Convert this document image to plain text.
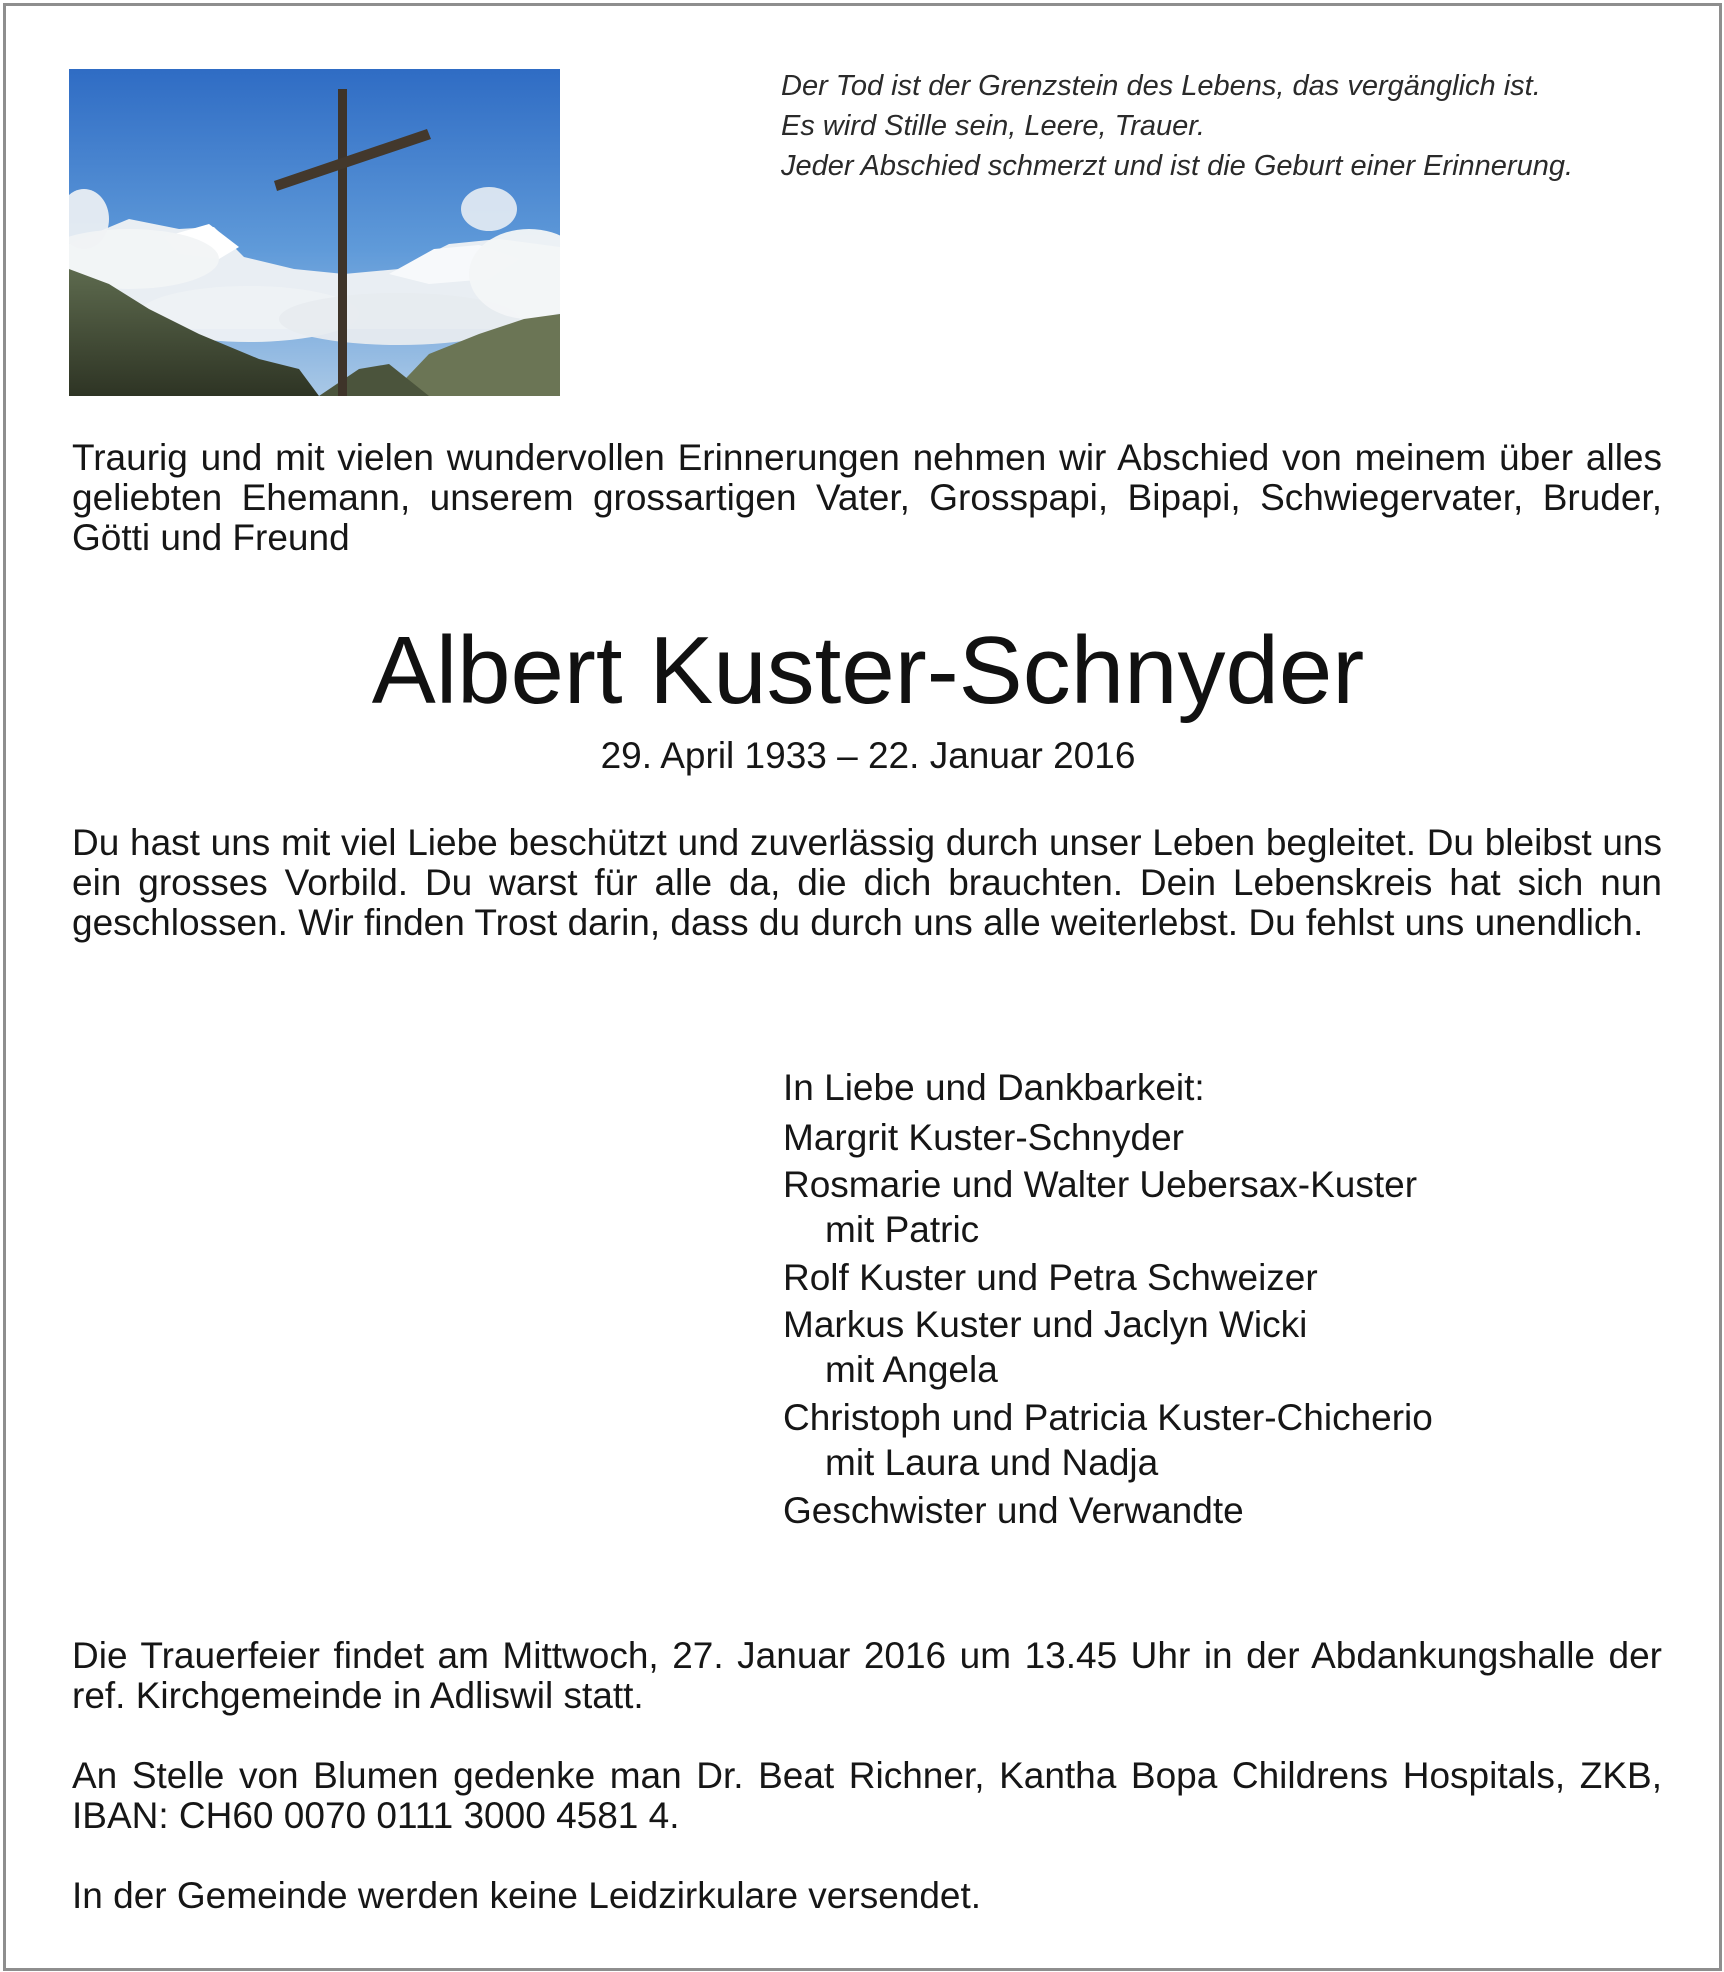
Der Tod ist der Grenzstein des Lebens, das vergänglich ist.
Es wird Stille sein, Leere, Trauer.
Jeder Abschied schmerzt und ist die Geburt einer Erinnerung.
Traurig und mit vielen wundervollen Erinnerungen nehmen wir Abschied von meinem über alles geliebten Ehemann, unserem grossartigen Vater, Grosspapi, Bipapi, Schwiegervater, Bruder, Götti und Freund
Albert Kuster-Schnyder
29. April 1933 – 22. Januar 2016
Du hast uns mit viel Liebe beschützt und zuverlässig durch unser Leben begleitet. Du bleibst uns ein grosses Vorbild. Du warst für alle da, die dich brauchten. Dein Lebenskreis hat sich nun geschlossen. Wir finden Trost darin, dass du durch uns alle weiterlebst. Du fehlst uns unendlich.
In Liebe und Dankbarkeit:
Margrit Kuster-Schnyder
Rosmarie und Walter Uebersax-Kuster
mit Patric
Rolf Kuster und Petra Schweizer
Markus Kuster und Jaclyn Wicki
mit Angela
Christoph und Patricia Kuster-Chicherio
mit Laura und Nadja
Geschwister und Verwandte
Die Trauerfeier findet am Mittwoch, 27. Januar 2016 um 13.45 Uhr in der Abdankungshalle der ref. Kirchgemeinde in Adliswil statt.
An Stelle von Blumen gedenke man Dr. Beat Richner, Kantha Bopa Childrens Hospitals, ZKB, IBAN: CH60 0070 0111 3000 4581 4.
In der Gemeinde werden keine Leidzirkulare versendet.
